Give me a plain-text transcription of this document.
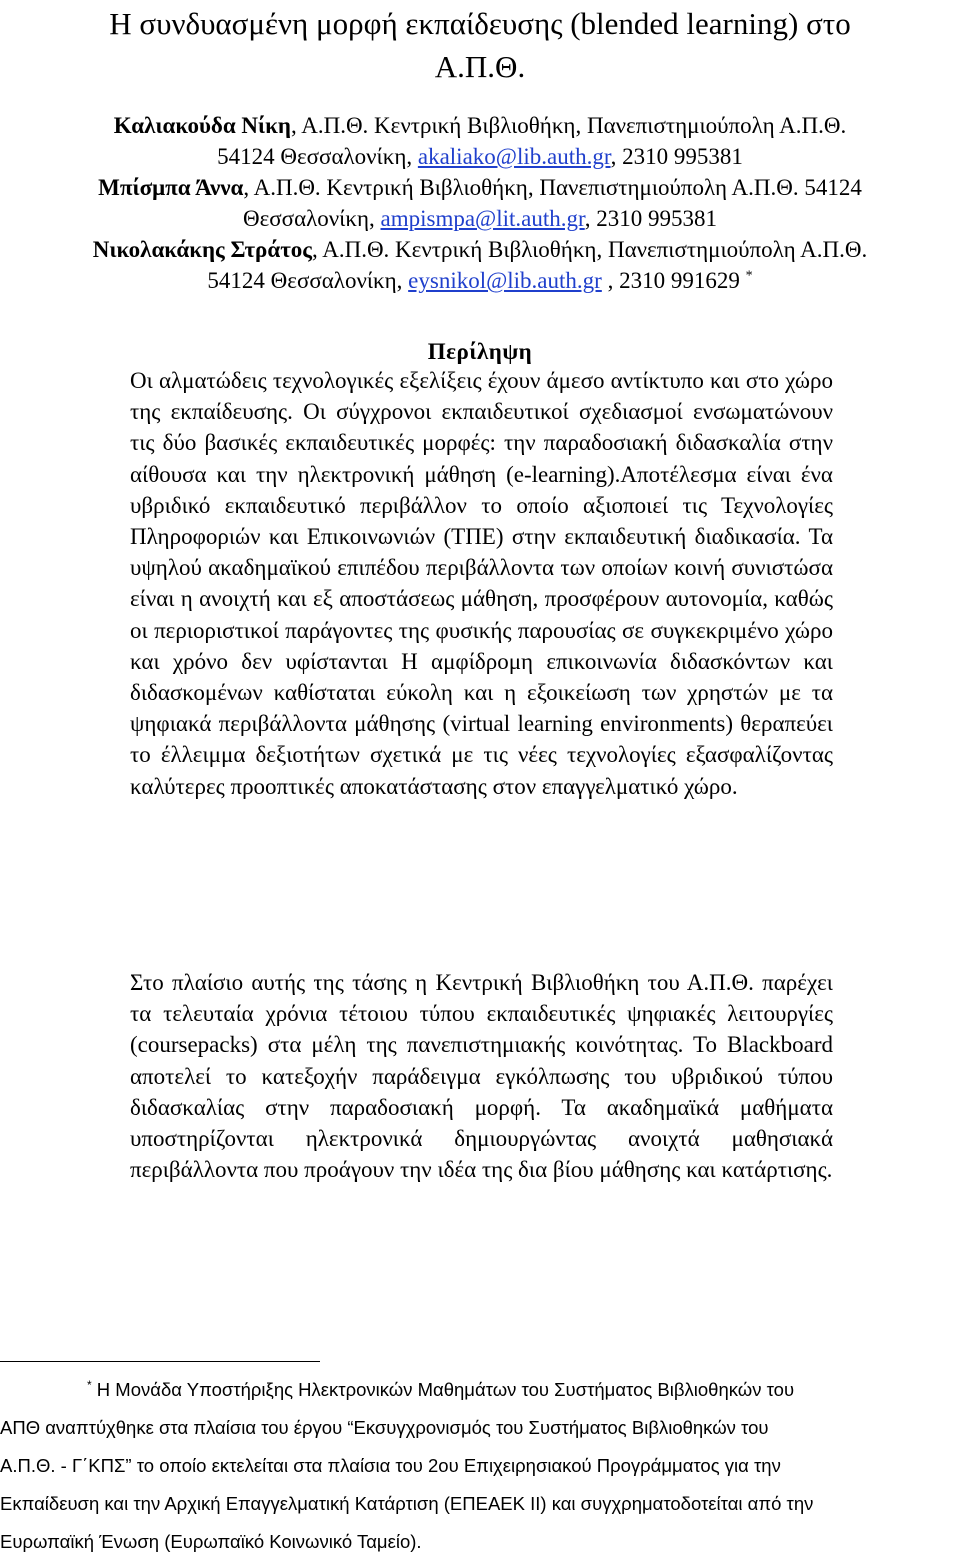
Η συνδυασμένη μορφή εκπαίδευσης (blended learning) στο
Α.Π.Θ.
Καλιακούδα Νίκη, Α.Π.Θ. Κεντρική Βιβλιοθήκη, Πανεπιστημιούπολη Α.Π.Θ.
54124 Θεσσαλονίκη, akaliako@lib.auth.gr, 2310 995381
Μπίσμπα Άννα, Α.Π.Θ. Κεντρική Βιβλιοθήκη, Πανεπιστημιούπολη Α.Π.Θ. 54124
Θεσσαλονίκη, ampismpa@lit.auth.gr, 2310 995381
Νικολακάκης Στράτος, Α.Π.Θ. Κεντρική Βιβλιοθήκη, Πανεπιστημιούπολη Α.Π.Θ.
54124 Θεσσαλονίκη, eysnikol@lib.auth.gr , 2310 991629 *
Περίληψη

Οι αλματώδεις τεχνολογικές εξελίξεις έχουν άμεσο αντίκτυπο και στο χώρο της εκπαίδευσης. Οι σύγχρονοι εκπαιδευτικοί σχεδιασμοί ενσωματώνουν τις δύο βασικές εκπαιδευτικές μορφές: την παραδοσιακή διδασκαλία στην αίθουσα και την ηλεκτρονική μάθηση (e-learning).Αποτέλεσμα είναι ένα υβριδικό εκπαιδευτικό περιβάλλον το οποίο αξιοποιεί τις Τεχνολογίες Πληροφοριών και Επικοινωνιών (ΤΠΕ) στην εκπαιδευτική διαδικασία. Τα υψηλού ακαδημαϊκού επιπέδου περιβάλλοντα των οποίων κοινή συνιστώσα είναι η ανοιχτή και εξ αποστάσεως μάθηση, προσφέρουν αυτονομία, καθώς οι περιοριστικοί παράγοντες της φυσικής παρουσίας σε συγκεκριμένο χώρο και χρόνο δεν υφίστανται Η αμφίδρομη επικοινωνία διδασκόντων και διδασκομένων καθίσταται εύκολη και η εξοικείωση των χρηστών με τα ψηφιακά περιβάλλοντα μάθησης (virtual learning environments) θεραπεύει το έλλειμμα δεξιοτήτων σχετικά με τις νέες τεχνολογίες εξασφαλίζοντας καλύτερες προοπτικές αποκατάστασης στον επαγγελματικό χώρο.

Στο πλαίσιο αυτής της τάσης η Κεντρική Βιβλιοθήκη του Α.Π.Θ. παρέχει τα τελευταία χρόνια τέτοιου τύπου εκπαιδευτικές ψηφιακές λειτουργίες (coursepacks) στα μέλη της πανεπιστημιακής κοινότητας. Το Blackboard αποτελεί το κατεξοχήν παράδειγμα εγκόλπωσης του υβριδικού τύπου διδασκαλίας στην παραδοσιακή μορφή. Τα ακαδημαϊκά μαθήματα υποστηρίζονται ηλεκτρονικά δημιουργώντας ανοιχτά μαθησιακά περιβάλλοντα που προάγουν την ιδέα της δια βίου μάθησης και κατάρτισης.

* Η Μονάδα Υποστήριξης Ηλεκτρονικών Μαθημάτων του Συστήματος Βιβλιοθηκών του
ΑΠΘ αναπτύχθηκε στα πλαίσια του έργου “Εκσυγχρονισμός του Συστήματος Βιβλιοθηκών του
Α.Π.Θ. - Γ΄ΚΠΣ” το οποίο εκτελείται στα πλαίσια του 2ου Επιχειρησιακού Προγράμματος για την
Εκπαίδευση και την Αρχική Επαγγελματική Κατάρτιση (ΕΠΕΑΕΚ ΙΙ) και συγχρηματοδοτείται από την
Ευρωπαϊκή Ένωση (Ευρωπαϊκό Κοινωνικό Ταμείο).
